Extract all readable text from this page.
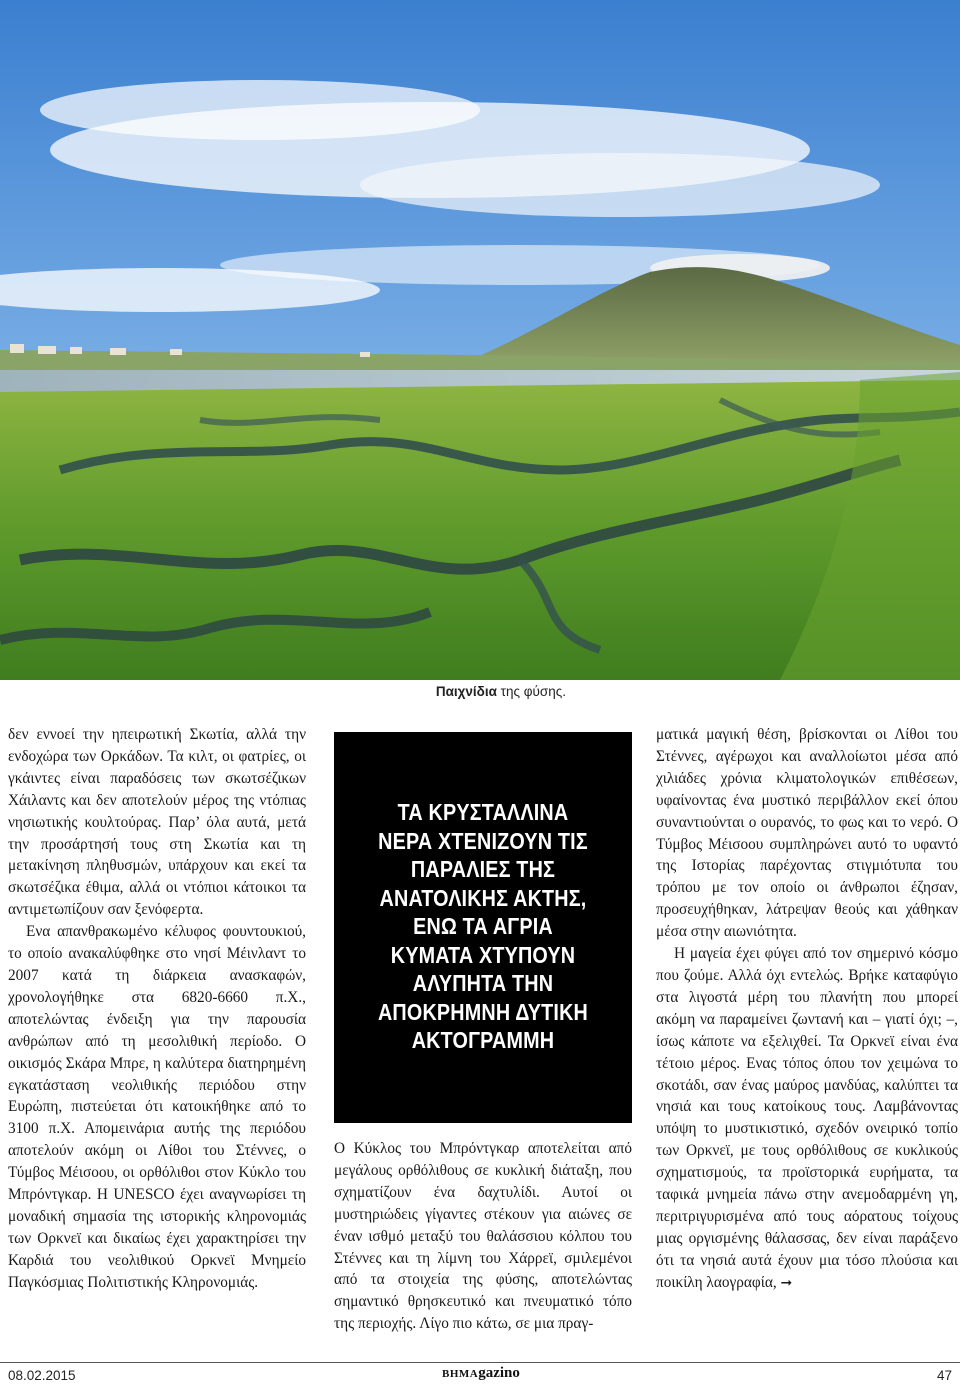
Παιχνίδια της φύσης.

δεν εννοεί την ηπειρωτική Σκωτία, αλλά την ενδοχώρα των Ορκάδων. Τα κιλτ, οι φατρίες, οι γκάιντες είναι παραδόσεις των σκωτσέζικων Χάιλαντς και δεν αποτελούν μέρος της ντόπιας νησιωτικής κουλτούρας. Παρ’ όλα αυτά, μετά την προσάρτησή τους στη Σκωτία και τη μετακίνηση πληθυσμών, υπάρχουν και εκεί τα σκωτσέζικα έθιμα, αλλά οι ντόπιοι κάτοικοι τα αντιμετωπίζουν σαν ξενόφερτα.

Ενα απανθρακωμένο κέλυφος φουντουκιού, το οποίο ανακαλύφθηκε στο νησί Μέινλαντ το 2007 κατά τη διάρκεια ανασκαφών, χρονολογήθηκε στα 6820-6660 π.Χ., αποτελώντας ένδειξη για την παρουσία ανθρώπων από τη μεσολιθική περίοδο. Ο οικισμός Σκάρα Μπρε, η καλύτερα διατηρημένη εγκατάσταση νεολιθικής περιόδου στην Ευρώπη, πιστεύεται ότι κατοικήθηκε από το 3100 π.Χ. Απομεινάρια αυτής της περιόδου αποτελούν ακόμη οι Λίθοι του Στέννες, ο Τύμβος Μέισοου, οι ορθόλιθοι στον Κύκλο του Μπρόντγκαρ. Η UNESCO έχει αναγνωρίσει τη μοναδική σημασία της ιστορικής κληρονομιάς των Ορκνεϊ και δικαίως έχει χαρακτηρίσει την Καρδιά του νεολιθικού Ορκνεϊ Μνημείο Παγκόσμιας Πολιτιστικής Κληρονομιάς.

ΤΑ ΚΡΥΣΤΑΛΛΙΝΑ ΝΕΡΑ ΧΤΕΝΙΖΟΥΝ ΤΙΣ ΠΑΡΑΛΙΕΣ ΤΗΣ ΑΝΑΤΟΛΙΚΗΣ ΑΚΤΗΣ, ΕΝΩ ΤΑ ΑΓΡΙΑ ΚΥΜΑΤΑ ΧΤΥΠΟΥΝ ΑΛΥΠΗΤΑ ΤΗΝ ΑΠΟΚΡΗΜΝΗ ΔΥΤΙΚΗ ΑΚΤΟΓΡΑΜΜΗ

Ο Κύκλος του Μπρόντγκαρ αποτελείται από μεγάλους ορθόλιθους σε κυκλική διάταξη, που σχηματίζουν ένα δαχτυλίδι. Αυτοί οι μυστηριώδεις γίγαντες στέκουν για αιώνες σε έναν ισθμό μεταξύ του θαλάσσιου κόλπου του Στέννες και τη λίμνη του Χάρρεϊ, σμιλεμένοι από τα στοιχεία της φύσης, αποτελώντας σημαντικό θρησκευτικό και πνευματικό τόπο της περιοχής. Λίγο πιο κάτω, σε μια πραγ-

ματικά μαγική θέση, βρίσκονται οι Λίθοι του Στέννες, αγέρωχοι και αναλλοίωτοι μέσα από χιλιάδες χρόνια κλιματολογικών επιθέσεων, υφαίνοντας ένα μυστικό περιβάλλον εκεί όπου συναντιούνται ο ουρανός, το φως και το νερό. Ο Τύμβος Μέισοου συμπληρώνει αυτό το υφαντό της Ιστορίας παρέχοντας στιγμιότυπα του τρόπου με τον οποίο οι άνθρωποι έζησαν, προσευχήθηκαν, λάτρεψαν θεούς και χάθηκαν μέσα στην αιωνιότητα.

Η μαγεία έχει φύγει από τον σημερινό κόσμο που ζούμε. Αλλά όχι εντελώς. Βρήκε καταφύγιο στα λιγοστά μέρη του πλανήτη που μπορεί ακόμη να παραμείνει ζωντανή και – γιατί όχι; –, ίσως κάποτε να εξελιχθεί. Τα Ορκνεϊ είναι ένα τέτοιο μέρος. Ενας τόπος όπου τον χειμώνα το σκοτάδι, σαν ένας μαύρος μανδύας, καλύπτει τα νησιά και τους κατοίκους τους. Λαμβάνοντας υπόψη το μυστικιστικό, σχεδόν ονειρικό τοπίο των Ορκνεϊ, με τους ορθόλιθους σε κυκλικούς σχηματισμούς, τα προϊστορικά ευρήματα, τα ταφικά μνημεία πάνω στην ανεμοδαρμένη γη, περιτριγυρισμένα από τους αόρατους τοίχους μιας οργισμένης θάλασσας, δεν είναι παράξενο ότι τα νησιά αυτά έχουν μια τόσο πλούσια και ποικίλη λαογραφία, ➞

08.02.2015	ΒΗΜΑgazino	47
